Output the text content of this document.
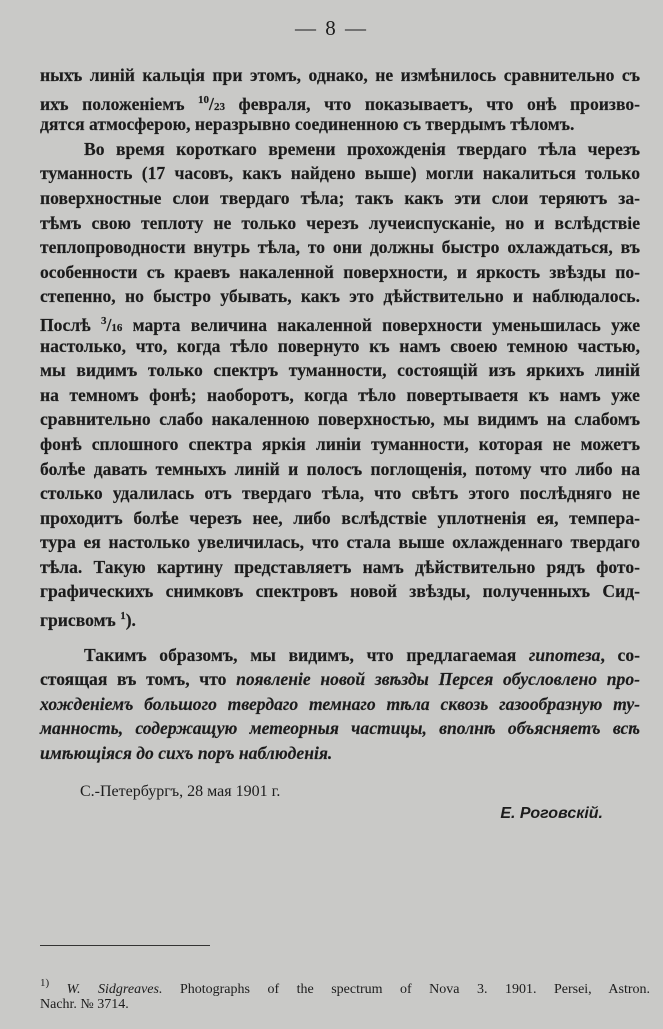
— 8 —
ныхъ линій кальція при этомъ, однако, не измѣнилось сравнительно съ
ихъ положеніемъ $^{10}$/23 февраля, что показываетъ, что онѣ произво-
дятся атмосферою, неразрывно соединенною съ твердымъ тѣломъ.
Во время короткаго времени прохожденія твердаго тѣла черезъ
туманность (17 часовъ, какъ найдено выше) могли накалиться только
поверхностные слои твердаго тѣла; такъ какъ эти слои теряютъ за-
тѣмъ свою теплоту не только черезъ лучеиспусканіе, но и вслѣдствіе
теплопроводности внутрь тѣла, то они должны быстро охлаждаться, въ
особенности съ краевъ накаленной поверхности, и яркость звѣзды по-
степенно, но быстро убывать, какъ это дѣйствительно и наблюдалось.
Послѣ $^3$/16 марта величина накаленной поверхности уменьшилась уже
настолько, что, когда тѣло повернуто къ намъ своею темною частью,
мы видимъ только спектръ туманности, состоящій изъ яркихъ линій
на темномъ фонѣ; наоборотъ, когда тѣло повертываетя къ намъ уже
сравнительно слабо накаленною поверхностью, мы видимъ на слабомъ
фонѣ сплошного спектра яркія линіи туманности, которая не можетъ
болѣе давать темныхъ линій и полосъ поглощенія, потому что либо на
столько удалилась отъ твердаго тѣла, что свѣтъ этого послѣдняго не
проходитъ болѣе черезъ нее, либо вслѣдствіе уплотненія ея, темпера-
тура ея настолько увеличилась, что стала выше охлажденнаго твердаго
тѣла. Такую картину представляетъ намъ дѣйствительно рядъ фото-
графическихъ снимковъ спектровъ новой звѣзды, полученныхъ Сид-
грисвомъ $^1$).
Такимъ образомъ, мы видимъ, что предлагаемая гипотеза, со-
стоящая въ томъ, что появленіе новой звѣзды Персея обусловлено про-
хожденіемъ большого твердаго темнаго тѣла сквозь газообразную ту-
манность, содержащую метеорныя частицы, вполнѣ объясняетъ всѣ
имѣющіяся до сихъ поръ наблюденія.
С.-Петербургъ, 28 мая 1901 г.
Е. Роговскій.
$^{1)}$ W. Sidgreaves. Photographs of the spectrum of Nova 3. 1901. Persei, Astron.
Nachr. № 3714.
